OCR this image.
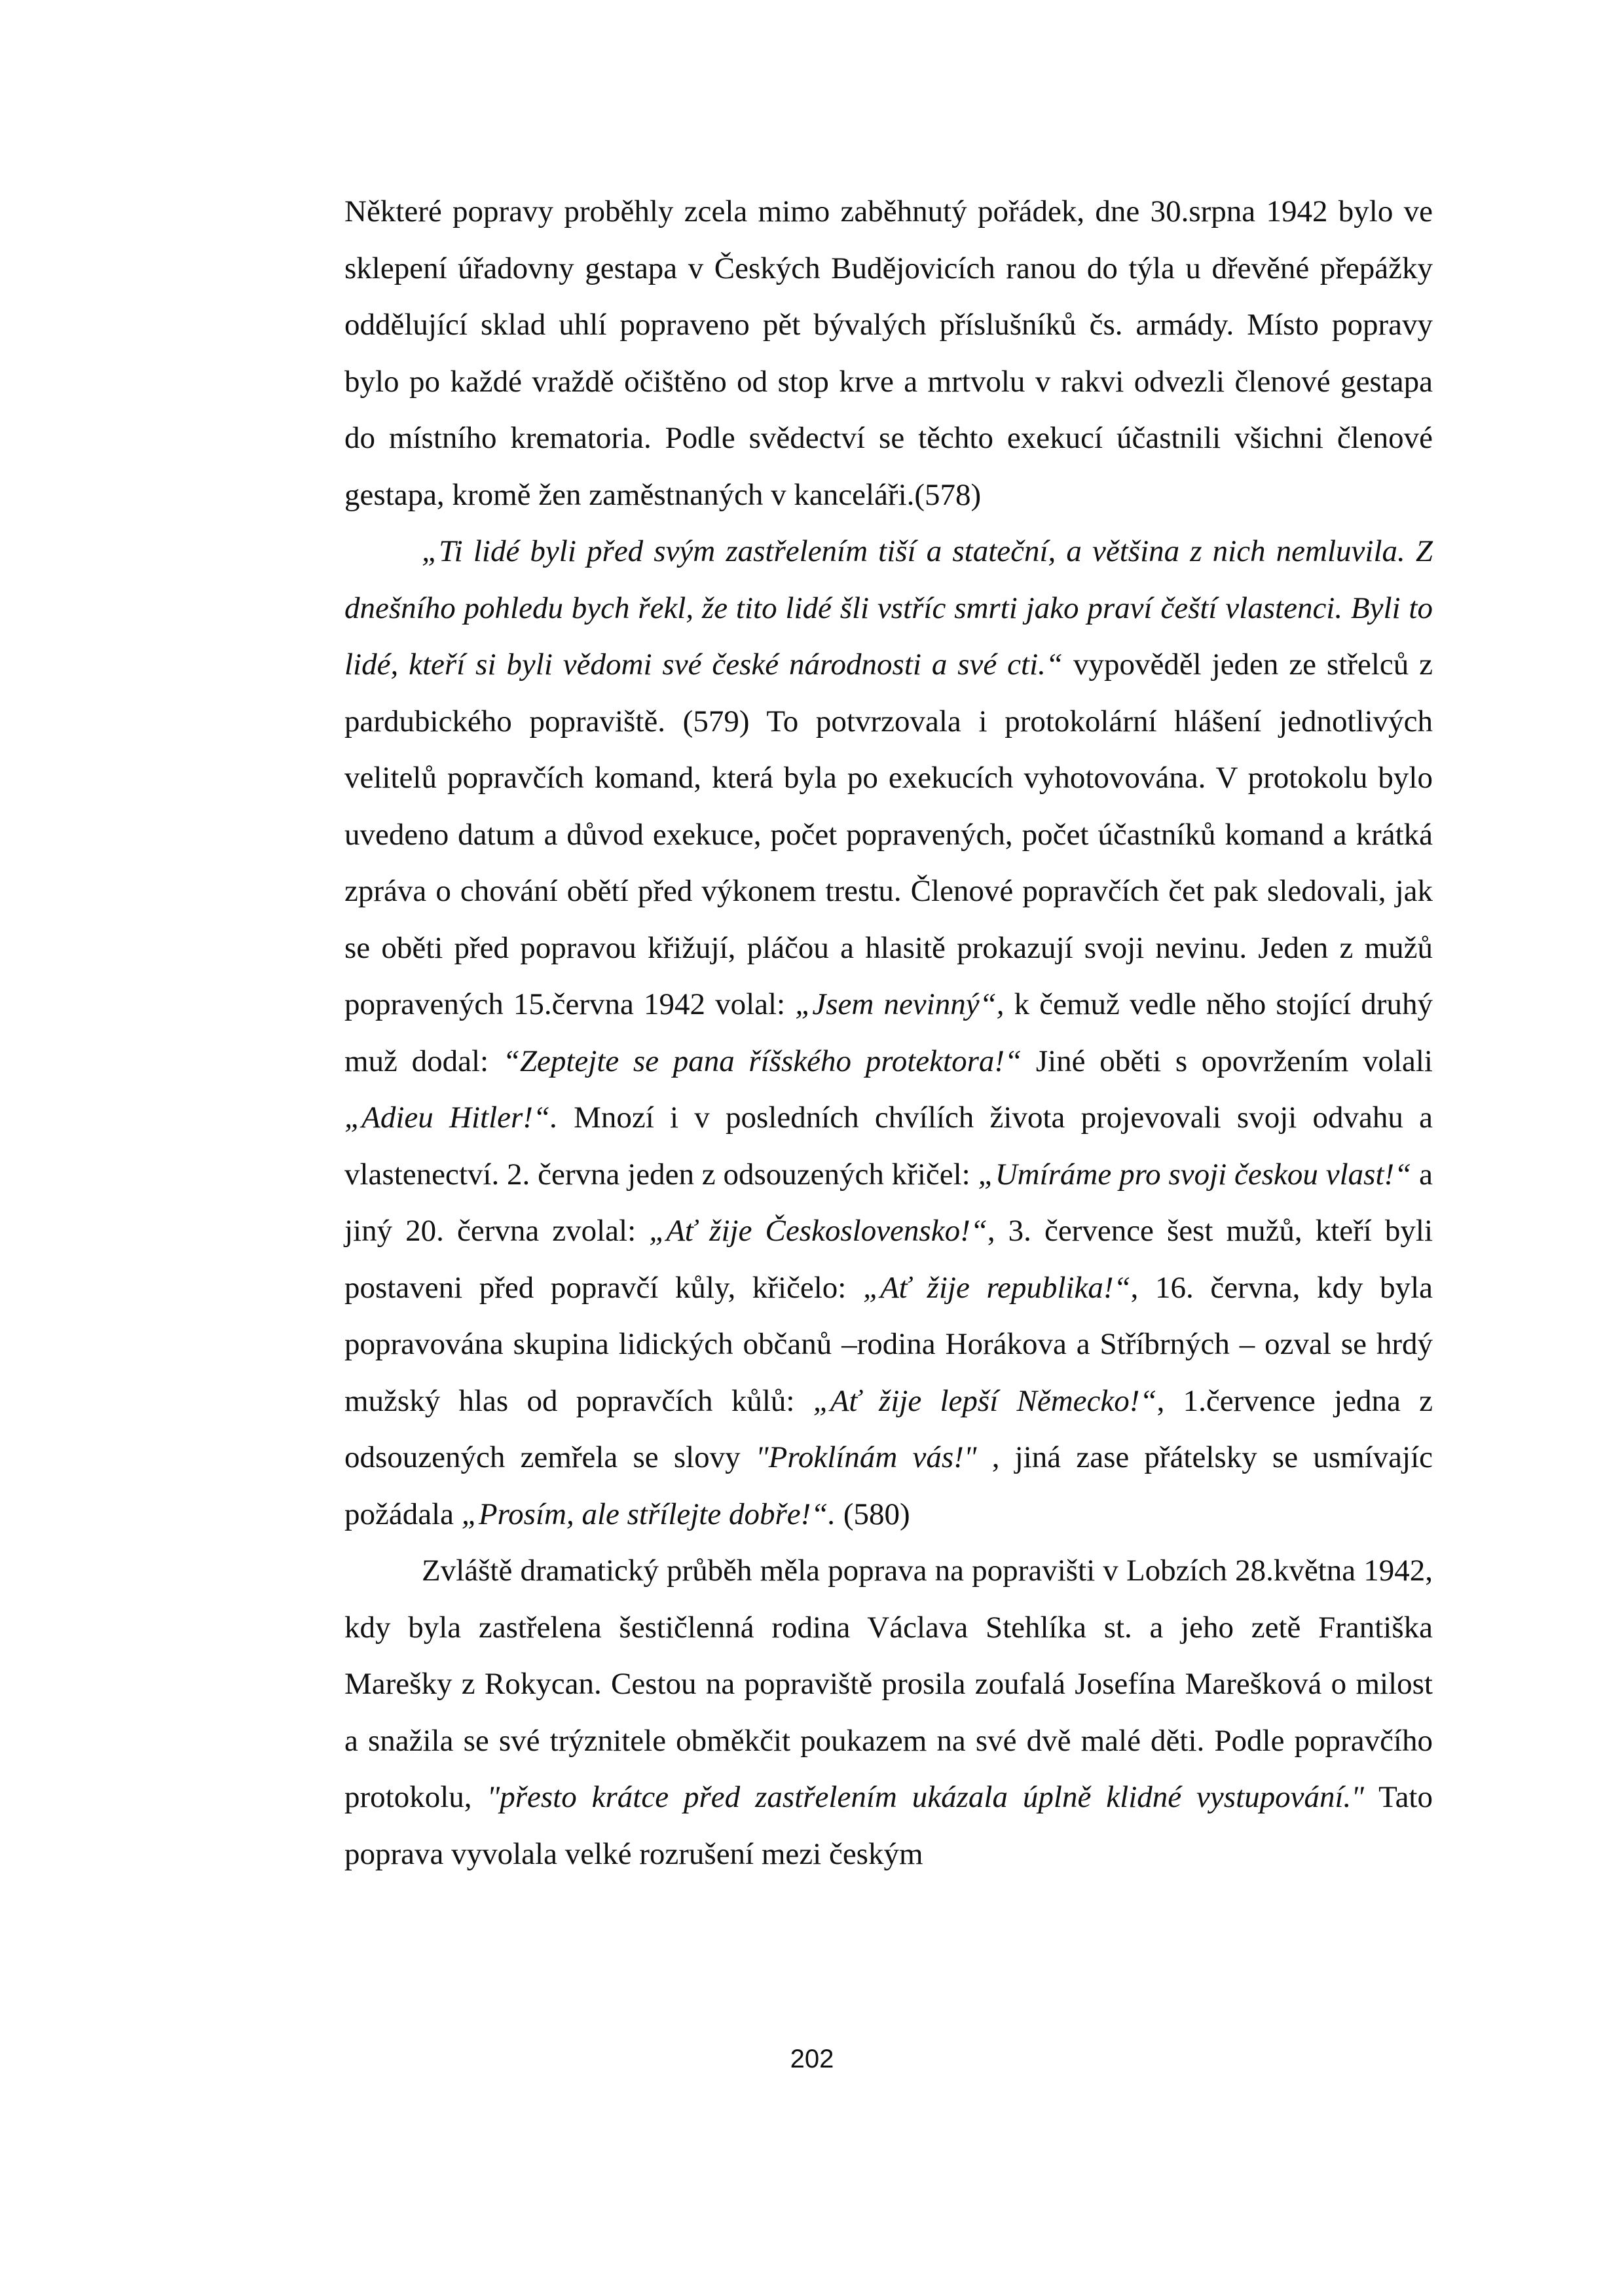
Některé popravy proběhly zcela mimo zaběhnutý pořádek, dne 30.srpna 1942 bylo ve sklepení úřadovny gestapa v Českých Budějovicích ranou do týla u dřevěné přepážky oddělující sklad uhlí popraveno pět bývalých příslušníků čs. armády. Místo popravy bylo po každé vraždě očištěno od stop krve a mrtvolu v rakvi odvezli členové gestapa do místního krematoria. Podle svědectví se těchto exekucí účastnili všichni členové gestapa, kromě žen zaměstnaných v kanceláři.(578)

„Ti lidé byli před svým zastřelením tiší a stateční, a většina z nich nemluvila. Z dnešního pohledu bych řekl, že tito lidé šli vstříc smrti jako praví čeští vlastenci. Byli to lidé, kteří si byli vědomi své české národnosti a své cti.“ vypověděl jeden ze střelců z pardubického popraviště. (579) To potvrzovala i protokolární hlášení jednotlivých velitelů popravčích komand, která byla po exekucích vyhotovována. V protokolu bylo uvedeno datum a důvod exekuce, počet popravených, počet účastníků komand a krátká zpráva o chování obětí před výkonem trestu. Členové popravčích čet pak sledovali, jak se oběti před popravou křižují, pláčou a hlasitě prokazují svoji nevinu. Jeden z mužů popravených 15.června 1942 volal: „Jsem nevinný“, k čemuž vedle něho stojící druhý muž dodal: “Zeptejte se pana říšského protektora!“ Jiné oběti s opovržením volali „Adieu Hitler!“. Mnozí i v posledních chvílích života projevovali svoji odvahu a vlastenectví. 2. června jeden z odsouzených křičel: „Umíráme pro svoji českou vlast!“ a jiný 20. června zvolal: „Ať žije Československo!“, 3. července šest mužů, kteří byli postaveni před popravčí kůly, křičelo: „Ať žije republika!“, 16. června, kdy byla popravována skupina lidických občanů –rodina Horákova a Stříbrných – ozval se hrdý mužský hlas od popravčích kůlů: „Ať žije lepší Německo!“, 1.července jedna z odsouzených zemřela se slovy "Proklínám vás!" , jiná zase přátelsky se usmívajíc požádala „Prosím, ale střílejte dobře!“. (580)

Zvláště dramatický průběh měla poprava na popravišti v Lobzích 28.května 1942, kdy byla zastřelena šestičlenná rodina Václava Stehlíka st. a jeho zetě Františka Marešky z Rokycan. Cestou na popraviště prosila zoufalá Josefína Marešková o milost a snažila se své trýznitele obměkčit poukazem na své dvě malé děti. Podle popravčího protokolu, "přesto krátce před zastřelením ukázala úplně klidné vystupování." Tato poprava vyvolala velké rozrušení mezi českým

202
